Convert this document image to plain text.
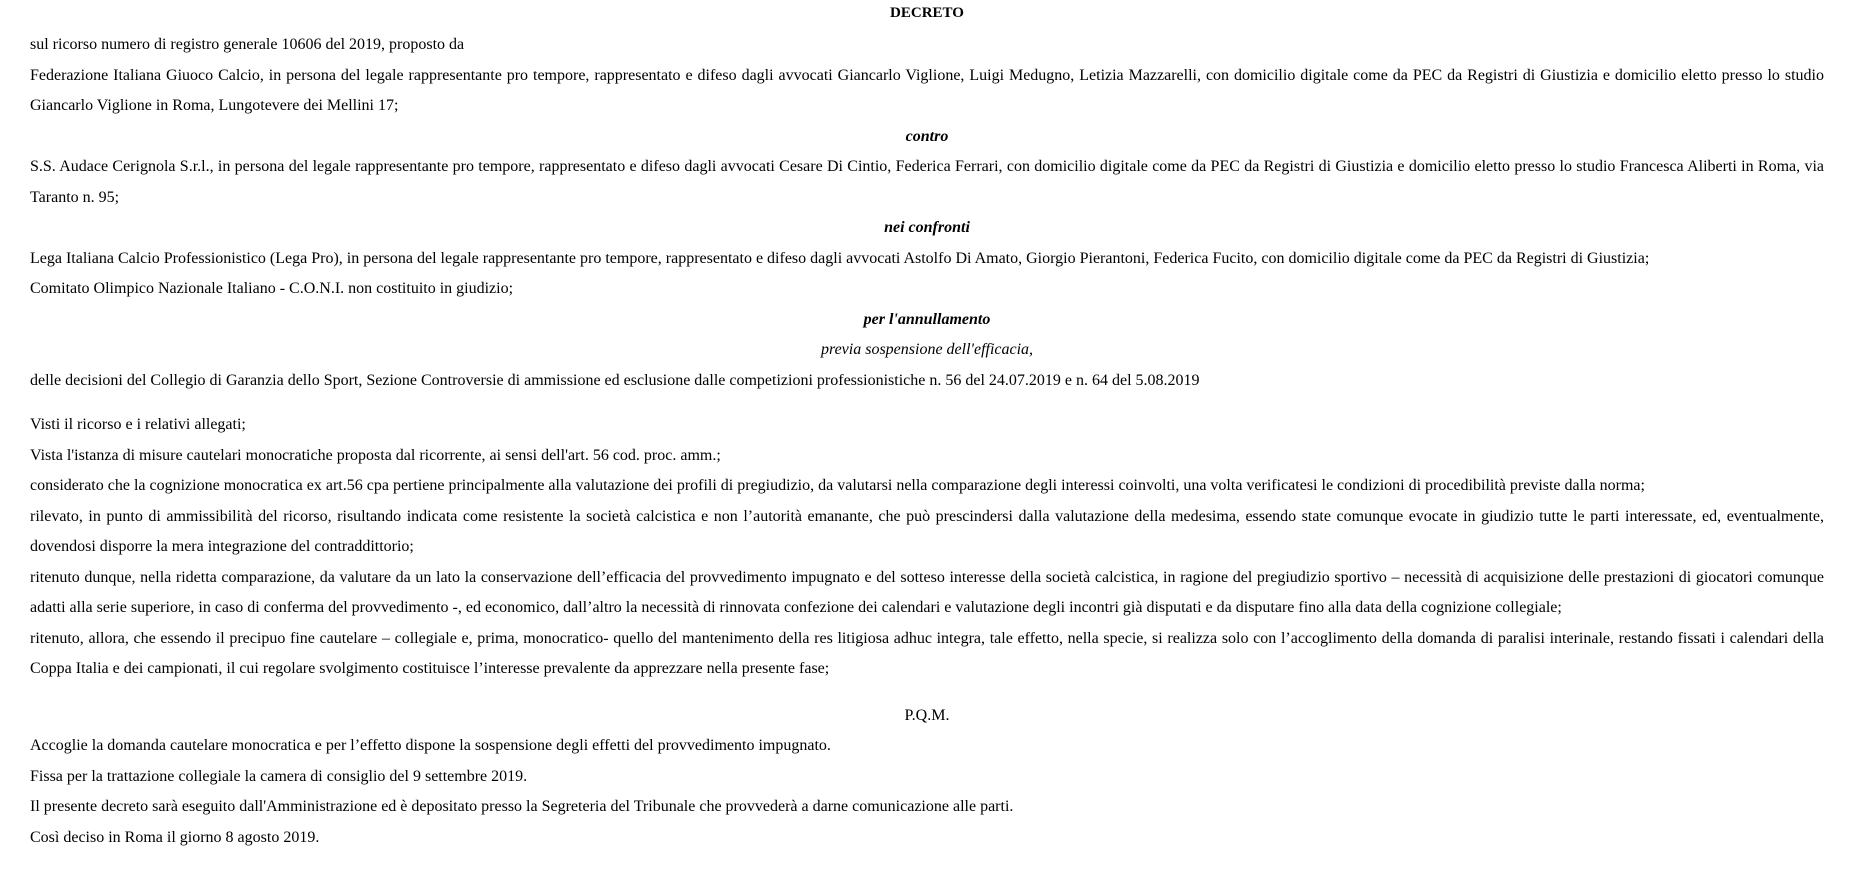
DECRETO

sul ricorso numero di registro generale 10606 del 2019, proposto da

Federazione Italiana Giuoco Calcio, in persona del legale rappresentante pro tempore, rappresentato e difeso dagli avvocati Giancarlo Viglione, Luigi Medugno, Letizia Mazzarelli, con domicilio digitale come da PEC da Registri di Giustizia e domicilio eletto presso lo studio Giancarlo Viglione in Roma, Lungotevere dei Mellini 17;

contro

S.S. Audace Cerignola S.r.l., in persona del legale rappresentante pro tempore, rappresentato e difeso dagli avvocati Cesare Di Cintio, Federica Ferrari, con domicilio digitale come da PEC da Registri di Giustizia e domicilio eletto presso lo studio Francesca Aliberti in Roma, via Taranto n. 95;

nei confronti

Lega Italiana Calcio Professionistico (Lega Pro), in persona del legale rappresentante pro tempore, rappresentato e difeso dagli avvocati Astolfo Di Amato, Giorgio Pierantoni, Federica Fucito, con domicilio digitale come da PEC da Registri di Giustizia;

Comitato Olimpico Nazionale Italiano - C.O.N.I. non costituito in giudizio;

per l'annullamento

previa sospensione dell'efficacia,

delle decisioni del Collegio di Garanzia dello Sport, Sezione Controversie di ammissione ed esclusione dalle competizioni professionistiche n. 56 del 24.07.2019 e n. 64 del 5.08.2019

Visti il ricorso e i relativi allegati;

Vista l'istanza di misure cautelari monocratiche proposta dal ricorrente, ai sensi dell'art. 56 cod. proc. amm.;

considerato che la cognizione monocratica ex art.56 cpa pertiene principalmente alla valutazione dei profili di pregiudizio, da valutarsi nella comparazione degli interessi coinvolti, una volta verificatesi le condizioni di procedibilità previste dalla norma;

rilevato, in punto di ammissibilità del ricorso, risultando indicata come resistente la società calcistica e non l’autorità emanante, che può prescindersi dalla valutazione della medesima, essendo state comunque evocate in giudizio tutte le parti interessate, ed, eventualmente, dovendosi disporre la mera integrazione del contraddittorio;

ritenuto dunque, nella ridetta comparazione, da valutare da un lato la conservazione dell’efficacia del provvedimento impugnato e del sotteso interesse della società calcistica, in ragione del pregiudizio sportivo – necessità di acquisizione delle prestazioni di giocatori comunque adatti alla serie superiore, in caso di conferma del provvedimento -, ed economico, dall’altro la necessità di rinnovata confezione dei calendari e valutazione degli incontri già disputati e da disputare fino alla data della cognizione collegiale;

ritenuto, allora, che essendo il precipuo fine cautelare – collegiale e, prima, monocratico- quello del mantenimento della res litigiosa adhuc integra, tale effetto, nella specie, si realizza solo con l’accoglimento della domanda di paralisi interinale, restando fissati i calendari della Coppa Italia e dei campionati, il cui regolare svolgimento costituisce l’interesse prevalente da apprezzare nella presente fase;

P.Q.M.

Accoglie la domanda cautelare monocratica e per l’effetto dispone la sospensione degli effetti del provvedimento impugnato.

Fissa per la trattazione collegiale la camera di consiglio del 9 settembre 2019.

Il presente decreto sarà eseguito dall'Amministrazione ed è depositato presso la Segreteria del Tribunale che provvederà a darne comunicazione alle parti.

Così deciso in Roma il giorno 8 agosto 2019.
